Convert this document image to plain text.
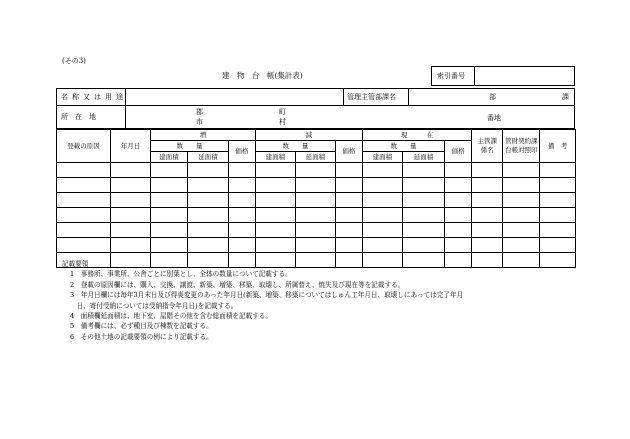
(その3)
建　物　台　帳(集計表)	索引番号
名称又は用途	管理主管部課名	部	課
所　在　地
郡
市
町
村	番地
登載の原因	年月日	増			減			現　　　在			主管課係名	管財契約課台帳対照印	備　考
		数　　量		価格	数　　量		価格	数　　量		価格			
		建面積	延面積		建面積	延面積		建面積	延面積				

記載要領
1　事務所、事業所、公舎ごとに別葉とし、全体の数量について記載する。
2　登載の原因欄には、購入、交換、譲渡、新築、増築、移築、取壊し、所属替え、焼失及び現在等を記載する。
3　年月日欄には毎年3月末日及び得喪変更のあった年月日(新築、増築、移築についてはしゅん工年月日、取壊しにあっては完了年月
　日、寄付受納については受納指令年月日)を記載する。
4　面積欄延面積は、地下室、屋階その他を含む総面積を記載する。
5　備考欄には、必ず種目及び棟数を記載する。
6　その他土地の記載要領の例により記載する。
